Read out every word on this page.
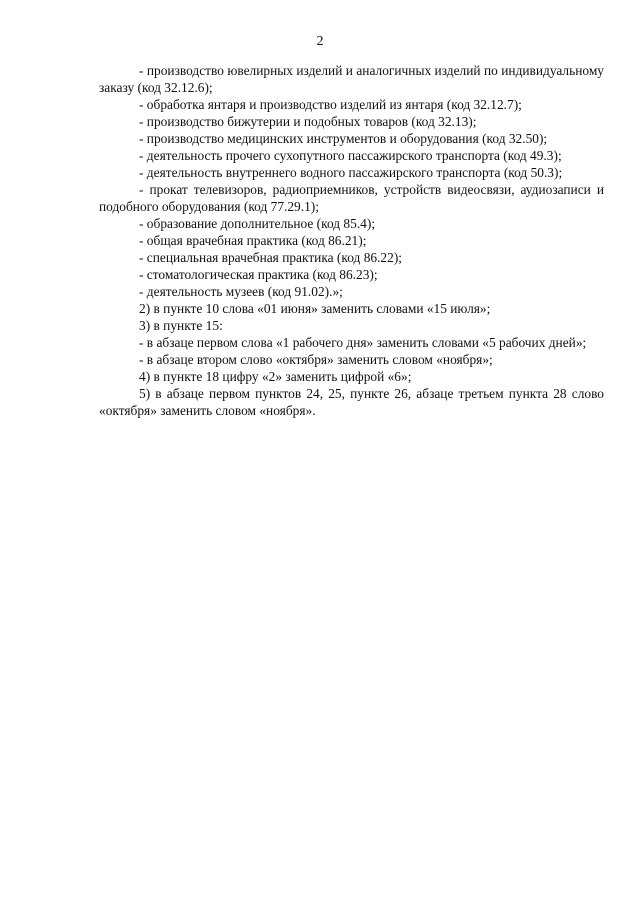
2

- производство ювелирных изделий и аналогичных изделий по индивидуальному заказу (код 32.12.6);

- обработка янтаря и производство изделий из янтаря (код 32.12.7);

- производство бижутерии и подобных товаров (код 32.13);

- производство медицинских инструментов и оборудования (код 32.50);

- деятельность прочего сухопутного пассажирского транспорта (код 49.3);

- деятельность внутреннего водного пассажирского транспорта (код 50.3);

- прокат телевизоров, радиоприемников, устройств видеосвязи, аудиозаписи и подобного оборудования (код 77.29.1);

- образование дополнительное (код 85.4);

- общая врачебная практика (код 86.21);

- специальная врачебная практика (код 86.22);

- стоматологическая практика (код 86.23);

- деятельность музеев (код 91.02).»;

2) в пункте 10 слова «01 июня» заменить словами «15 июля»;

3) в пункте 15:

- в абзаце первом слова «1 рабочего дня» заменить словами «5 рабочих дней»;

- в абзаце втором слово «октября» заменить словом «ноября»;

4) в пункте 18 цифру «2» заменить цифрой «6»;

5) в абзаце первом пунктов 24, 25, пункте 26, абзаце третьем пункта 28 слово «октября» заменить словом «ноября».
